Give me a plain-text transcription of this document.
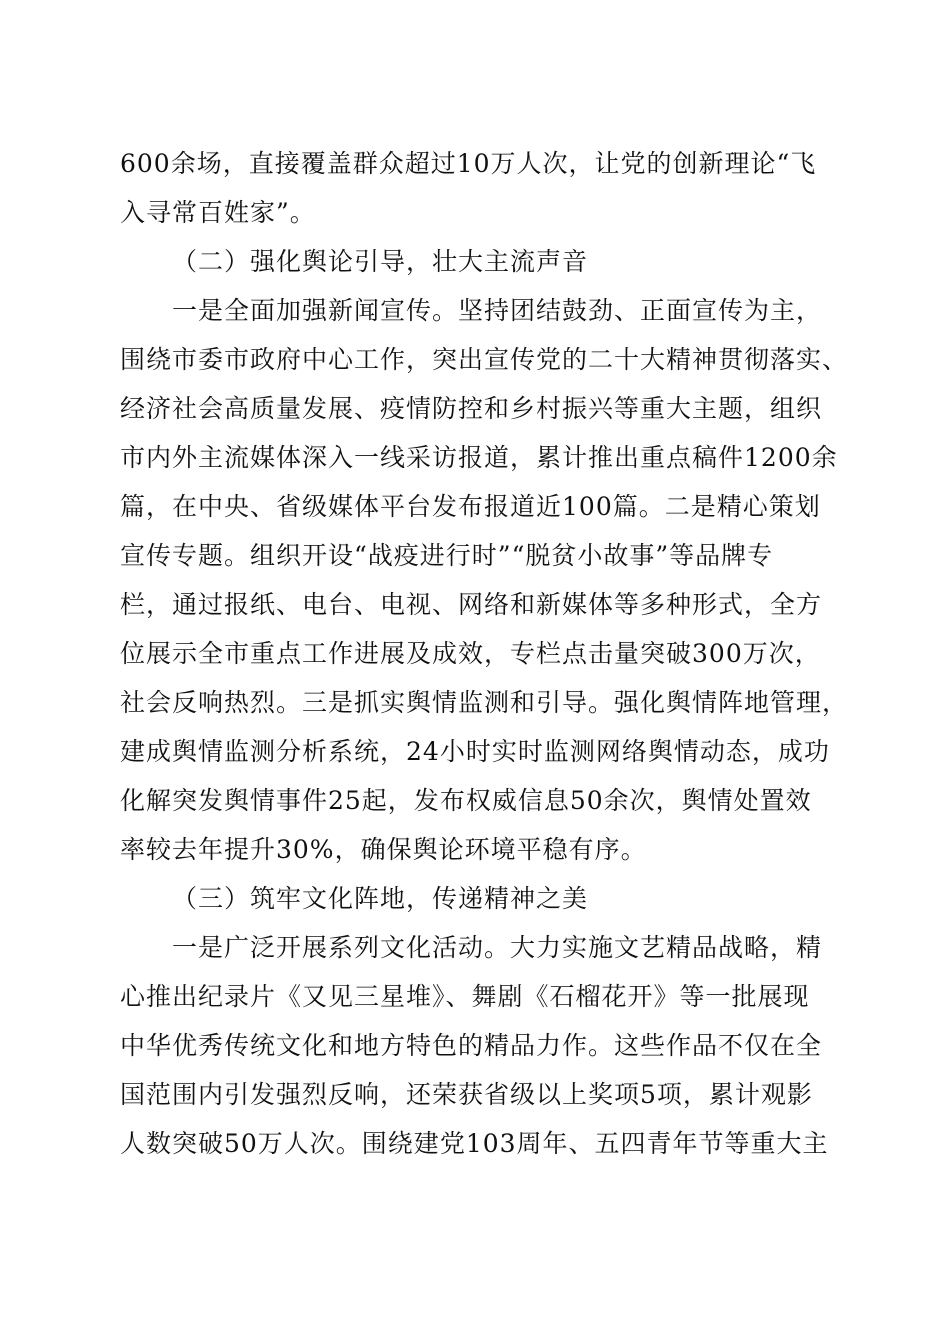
600余场，直接覆盖群众超过10万人次，让党的创新理论“飞
入寻常百姓家”。
（二）强化舆论引导，壮大主流声音
一是全面加强新闻宣传。坚持团结鼓劲、正面宣传为主，
围绕市委市政府中心工作，突出宣传党的二十大精神贯彻落实、
经济社会高质量发展、疫情防控和乡村振兴等重大主题，组织
市内外主流媒体深入一线采访报道，累计推出重点稿件1200余
篇，在中央、省级媒体平台发布报道近100篇。二是精心策划
宣传专题。组织开设“战疫进行时”“脱贫小故事”等品牌专
栏，通过报纸、电台、电视、网络和新媒体等多种形式，全方
位展示全市重点工作进展及成效，专栏点击量突破300万次，
社会反响热烈。三是抓实舆情监测和引导。强化舆情阵地管理，
建成舆情监测分析系统，24小时实时监测网络舆情动态，成功
化解突发舆情事件25起，发布权威信息50余次，舆情处置效
率较去年提升30%，确保舆论环境平稳有序。
（三）筑牢文化阵地，传递精神之美
一是广泛开展系列文化活动。大力实施文艺精品战略，精
心推出纪录片《又见三星堆》、舞剧《石榴花开》等一批展现
中华优秀传统文化和地方特色的精品力作。这些作品不仅在全
国范围内引发强烈反响，还荣获省级以上奖项5项，累计观影
人数突破50万人次。围绕建党103周年、五四青年节等重大主
